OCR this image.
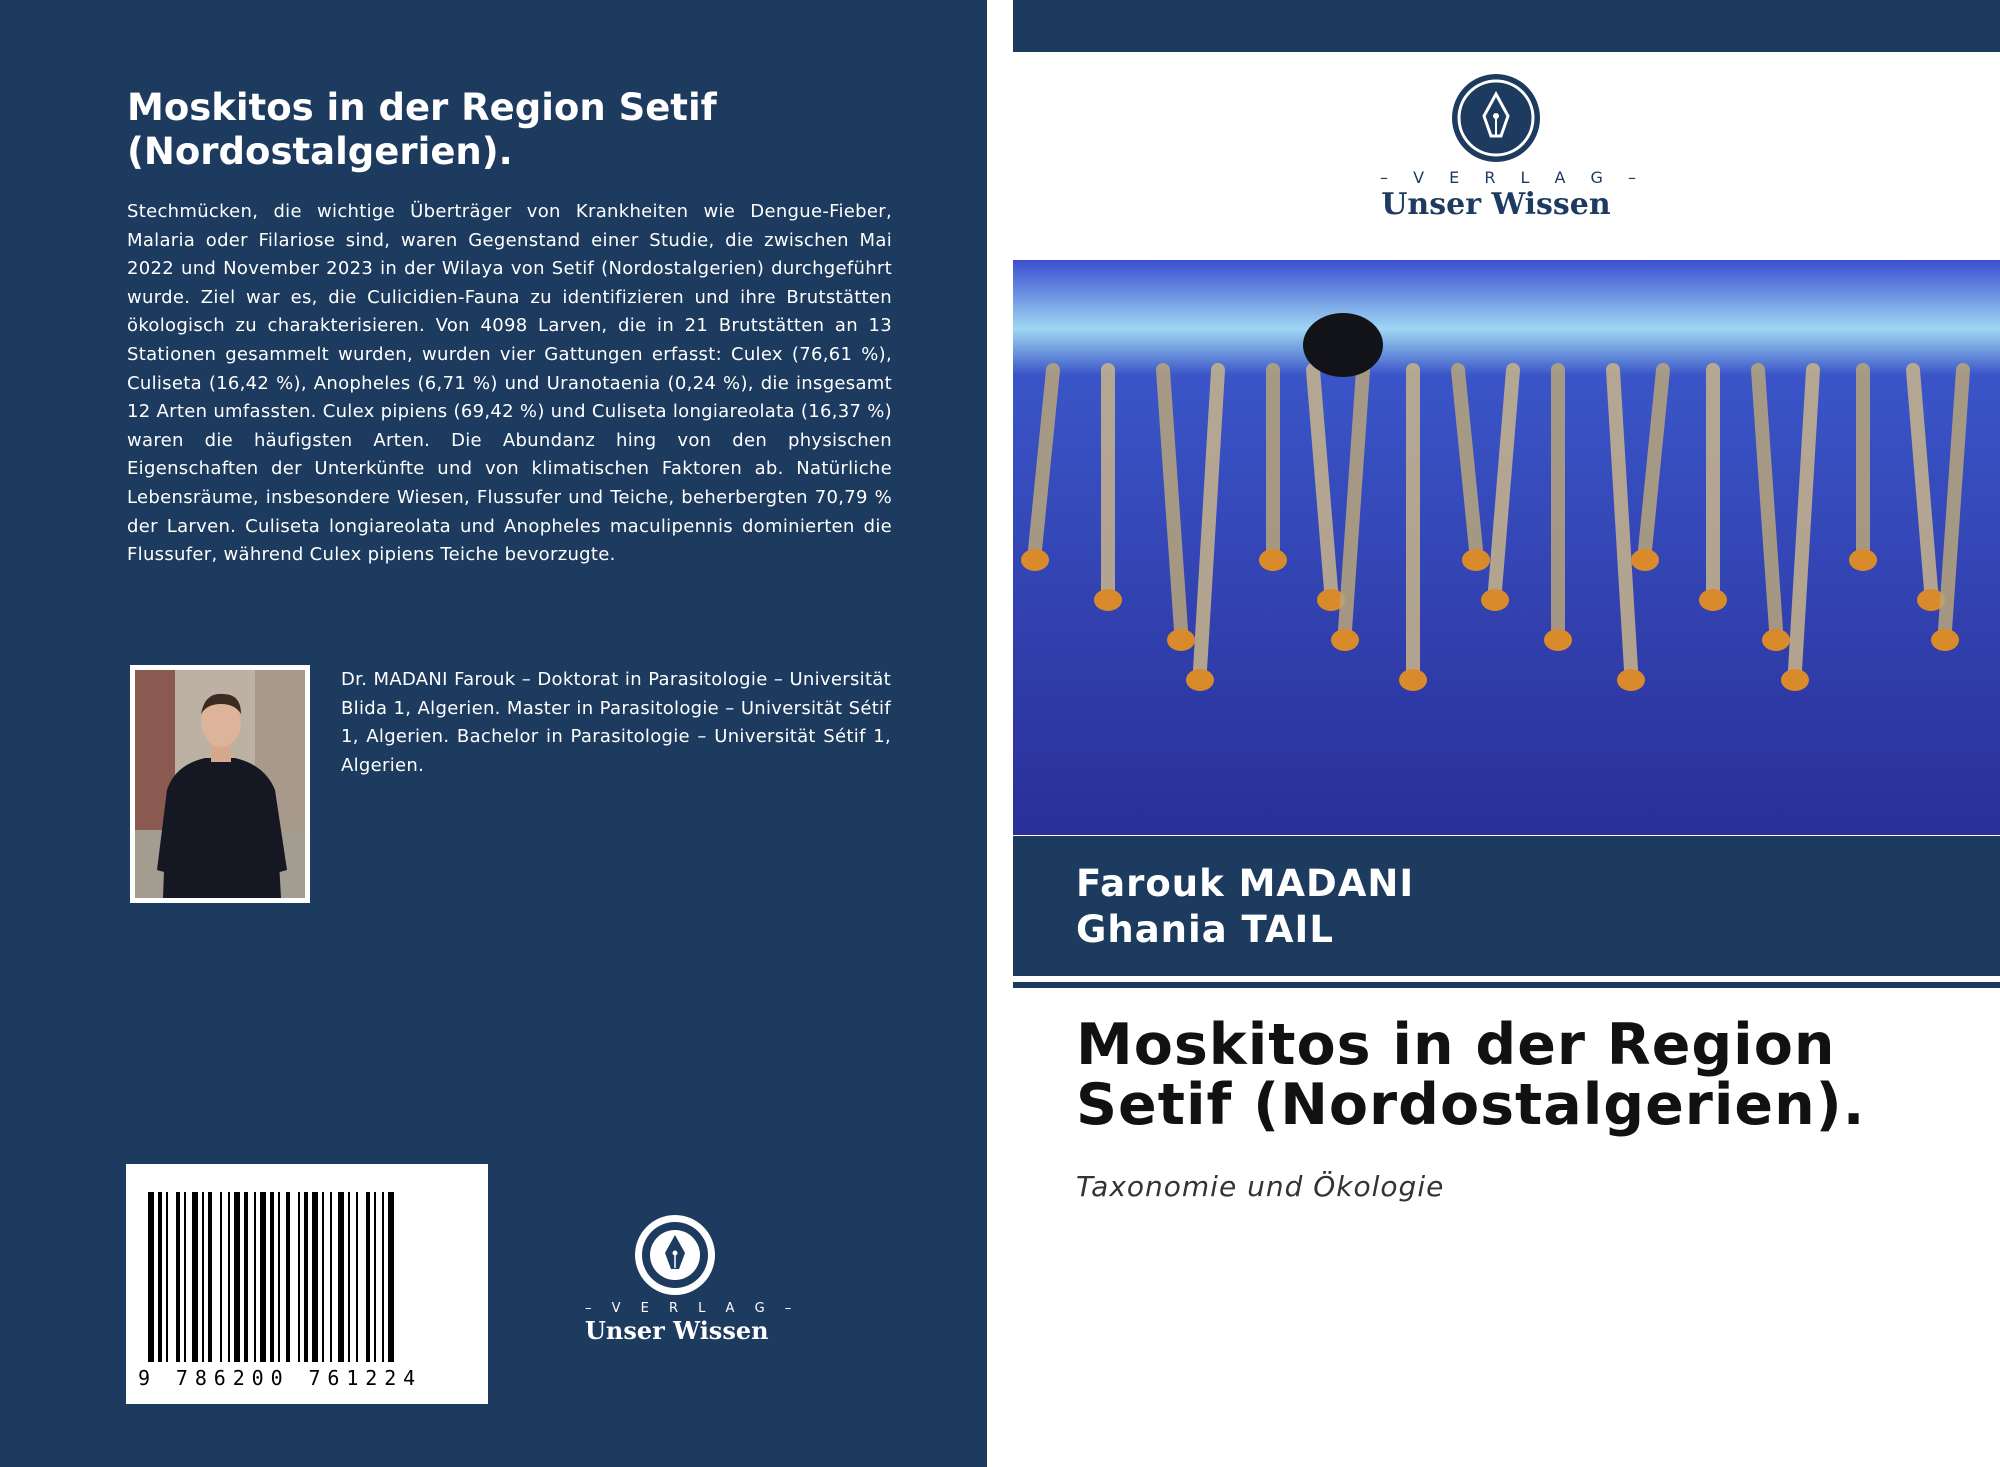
Moskitos in der Region Setif (Nordostalgerien).

Stechmücken, die wichtige Überträger von Krankheiten wie Dengue-Fieber, Malaria oder Filariose sind, waren Gegenstand einer Studie, die zwischen Mai 2022 und November 2023 in der Wilaya von Setif (Nordostalgerien) durchgeführt wurde. Ziel war es, die Culicidien-Fauna zu identifizieren und ihre Brutstätten ökologisch zu charakterisieren. Von 4098 Larven, die in 21 Brutstätten an 13 Stationen gesammelt wurden, wurden vier Gattungen erfasst: Culex (76,61 %), Culiseta (16,42 %), Anopheles (6,71 %) und Uranotaenia (0,24 %), die insgesamt 12 Arten umfassten. Culex pipiens (69,42 %) und Culiseta longiareolata (16,37 %) waren die häufigsten Arten. Die Abundanz hing von den physischen Eigenschaften der Unterkünfte und von klimatischen Faktoren ab. Natürliche Lebensräume, insbesondere Wiesen, Flussufer und Teiche, beherbergten 70,79 % der Larven. Culiseta longiareolata und Anopheles maculipennis dominierten die Flussufer, während Culex pipiens Teiche bevorzugte.

Dr. MADANI Farouk – Doktorat in Parasitologie – Universität Blida 1, Algerien. Master in Parasitologie – Universität Sétif 1, Algerien. Bachelor in Parasitologie – Universität Sétif 1, Algerien.

9 786200 761224
– V E R L A G –
Unser Wissen
– V E R L A G –
Unser Wissen
Farouk MADANI
Ghania TAIL
Moskitos in der Region
Setif (Nordostalgerien).
Taxonomie und Ökologie
